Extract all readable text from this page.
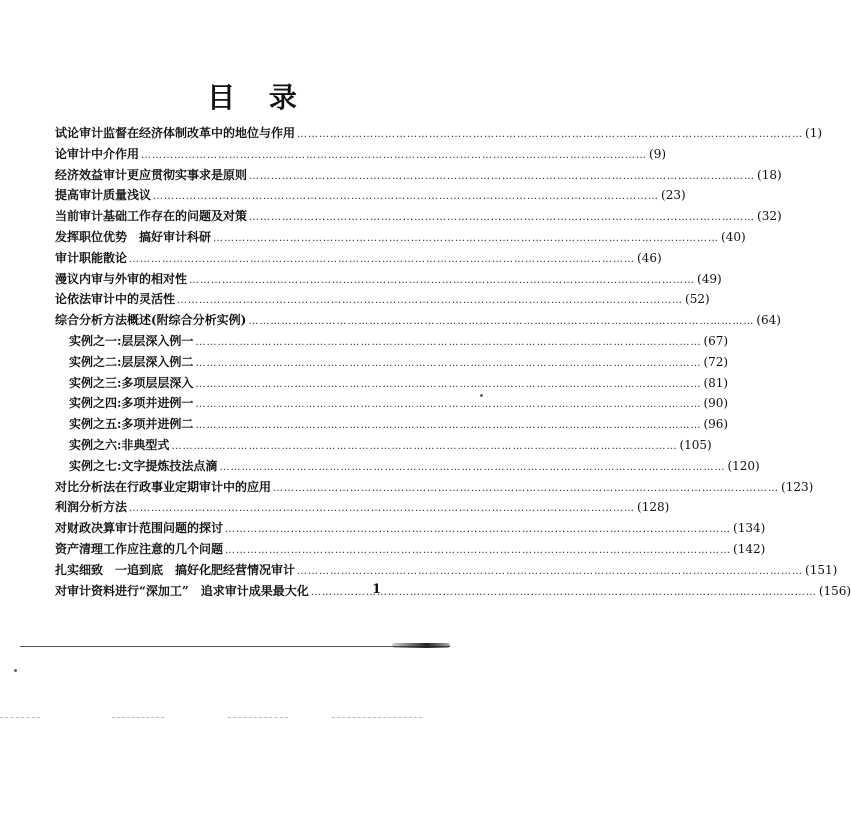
目 录
试论审计监督在经济体制改革中的地位与作用 …………………………………………………………………………………………………………………………	(1)
论审计中介作用 …………………………………………………………………………………………………………………………	(9)
经济效益审计更应贯彻实事求是原则 …………………………………………………………………………………………………………………………	(18)
提高审计质量浅议 …………………………………………………………………………………………………………………………	(23)
当前审计基础工作存在的问题及对策 …………………………………………………………………………………………………………………………	(32)
发挥职位优势　搞好审计科研 …………………………………………………………………………………………………………………………	(40)
审计职能散论 …………………………………………………………………………………………………………………………	(46)
漫议内审与外审的相对性 …………………………………………………………………………………………………………………………	(49)
论依法审计中的灵活性 …………………………………………………………………………………………………………………………	(52)
综合分析方法概述(附综合分析实例) …………………………………………………………………………………………………………………………	(64)
实例之一:层层深入例一 …………………………………………………………………………………………………………………………	(67)
实例之二:层层深入例二 …………………………………………………………………………………………………………………………	(72)
实例之三:多项层层深入 …………………………………………………………………………………………………………………………	(81)
实例之四:多项并进例一 …………………………………………………………………………………………………………………………	(90)
实例之五:多项并进例二 …………………………………………………………………………………………………………………………	(96)
实例之六:非典型式 …………………………………………………………………………………………………………………………	(105)
实例之七:文字提炼技法点滴 …………………………………………………………………………………………………………………………	(120)
对比分析法在行政事业定期审计中的应用 …………………………………………………………………………………………………………………………	(123)
利润分析方法 …………………………………………………………………………………………………………………………	(128)
对财政决算审计范围问题的探讨 …………………………………………………………………………………………………………………………	(134)
资产清理工作应注意的几个问题 …………………………………………………………………………………………………………………………	(142)
扎实细致　一追到底　搞好化肥经营情况审计 …………………………………………………………………………………………………………………………	(151)
对审计资料进行“深加工”　追求审计成果最大化 …………………………………………………………………………………………………………………………	(156)
1
